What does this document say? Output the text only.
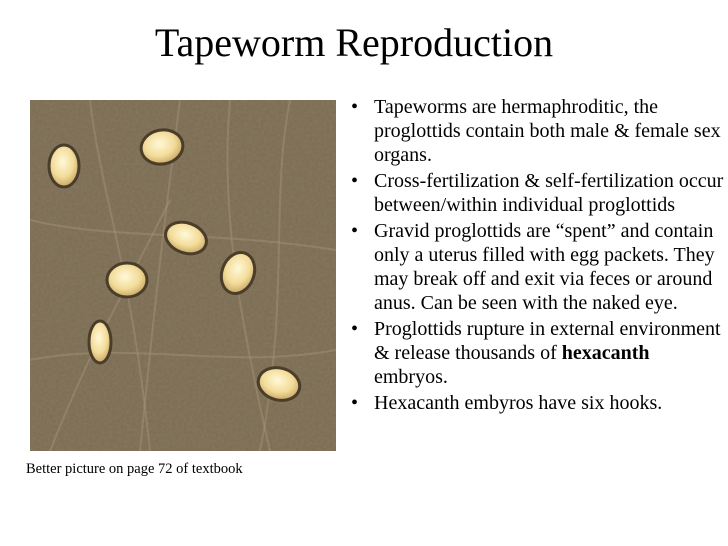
Tapeworm Reproduction
Better picture on page 72 of textbook
• Tapeworms are hermaphroditic, the proglottids contain both male & female sex organs.
• Cross-fertilization & self-fertilization occur between/within individual proglottids
• Gravid proglottids are “spent” and contain only a uterus filled with egg packets. They may break off and exit via feces or around anus. Can be seen with the naked eye.
• Proglottids rupture in external environment & release thousands of hexacanth embryos.
• Hexacanth embyros have six hooks.
